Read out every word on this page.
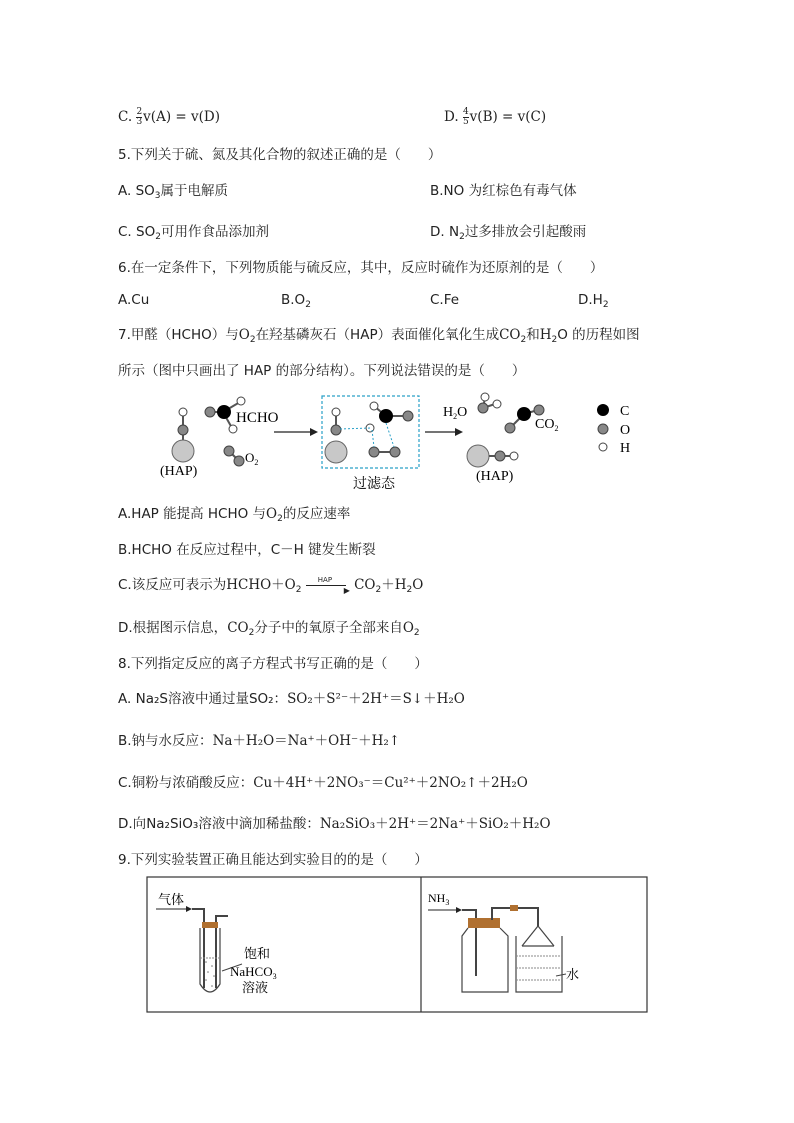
C. $\frac{2}{3} v(A) = v(D)$	D. $\frac{4}{5} v(B) = v(C)$
5.下列关于硫、氮及其化合物的叙述正确的是（　　）
A. $SO_3$属于电解质	B.NO 为红棕色有毒气体
C. $SO_2$可用作食品添加剂	D. $N_2$过多排放会引起酸雨
6.在一定条件下，下列物质能与硫反应，其中，反应时硫作为还原剂的是（　　）
A.Cu	$B.O_2$	C.Fe	$D.H_2$
7.甲醛（HCHO）与$O_2$在羟基磷灰石（HAP）表面催化氧化生成$CO_2$和$H_2O$ 的历程如图
所示（图中只画出了 HAP 的部分结构）。下列说法错误的是（　　）
(HAP)
HCHO
$O_2$
过滤态
$H_2O$
$CO_2$
(HAP)
C
O
H
A.HAP 能提高 HCHO 与$O_2$的反应速率
B.HCHO 在反应过程中，C－H 键发生断裂
C.该反应可表示为$HCHO+O_2$
HAP
▶ $CO_2+H_2O$
D.根据图示信息，$CO_2$分子中的氧原子全部来自$O_2$
8.下列指定反应的离子方程式书写正确的是（　　）
A. Na₂S溶液中通过量SO₂：SO₂＋S²⁻＋2H⁺＝S↓＋H₂O
B.钠与水反应：Na＋H₂O＝Na⁺＋OH⁻＋H₂↑
C.铜粉与浓硝酸反应：Cu＋4H⁺＋2NO₃⁻＝Cu²⁺＋2NO₂↑＋2H₂O
D.向Na₂SiO₃溶液中滴加稀盐酸：Na₂SiO₃＋2H⁺＝2Na⁺＋SiO₂＋H₂O
9.下列实验装置正确且能达到实验目的的是（　　）
气体
饱和
NaHCO$_3$
溶液
$NH_3$
水
